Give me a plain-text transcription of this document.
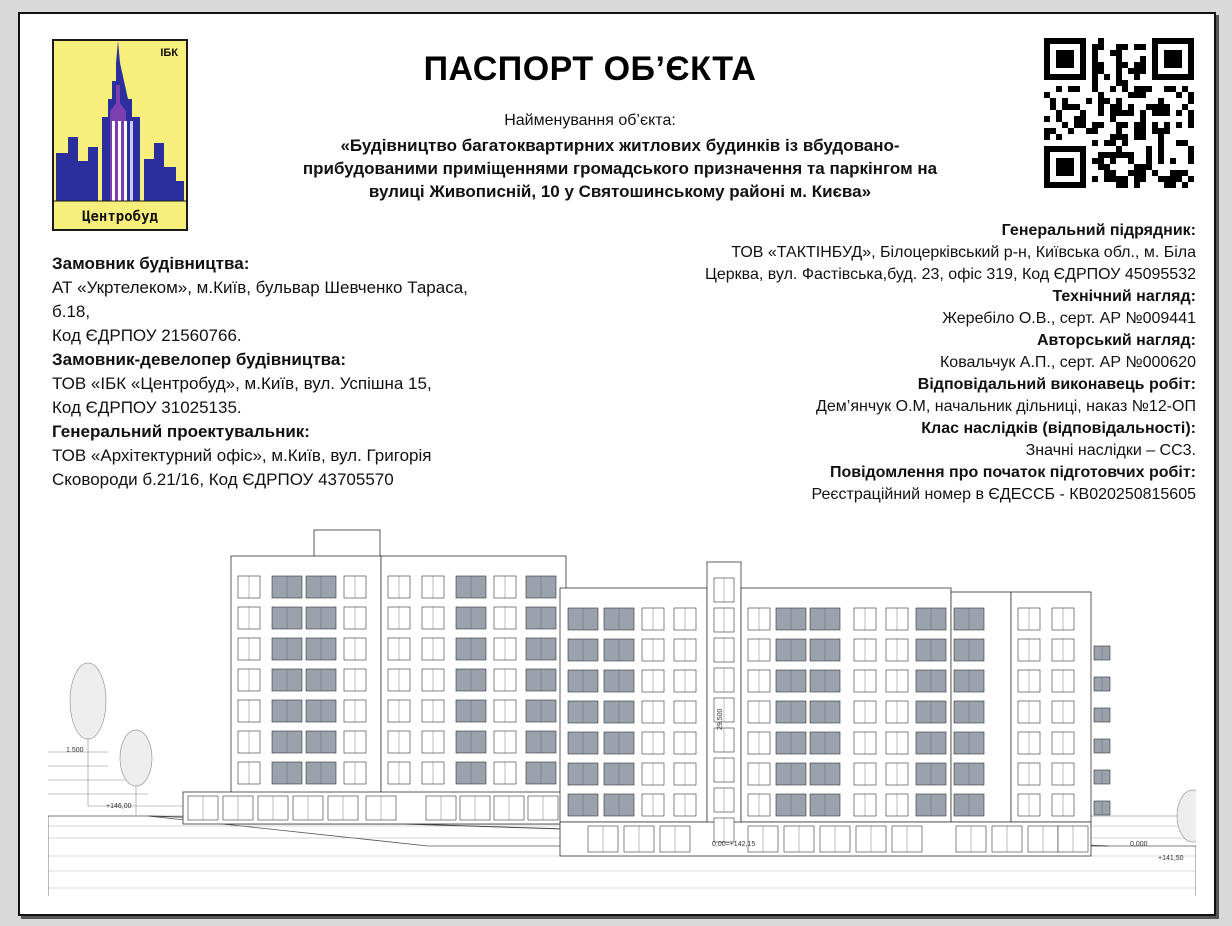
ІБК
Центробуд
ПАСПОРТ ОБ’ЄКТА
Найменування об’єкта:
«Будівництво багатоквартирних житлових будинків із вбудовано-
прибудованими приміщеннями громадського призначення та паркінгом на
вулиці Живописній, 10 у Святошинському районі м. Києва»
Замовник будівництва:
АТ «Укртелеком», м.Київ, бульвар Шевченко Тараса,
б.18,
Код ЄДРПОУ 21560766.
Замовник-девелопер будівництва:
ТОВ «ІБК «Центробуд», м.Київ, вул. Успішна 15,
Код ЄДРПОУ 31025135.
Генеральний проектувальник:
ТОВ «Архітектурний офіс», м.Київ, вул. Григорія
Сковороди б.21/16, Код ЄДРПОУ 43705570
Генеральний підрядник:
ТОВ «ТАКТІНБУД», Білоцерківський р-н, Київська обл., м. Біла
Церква, вул. Фастівська,буд. 23, офіс 319, Код ЄДРПОУ 45095532
Технічний нагляд:
Жеребіло О.В., серт. АР №009441
Авторський нагляд:
Ковальчук А.П., серт. АР №000620
Відповідальний виконавець робіт:
Дем’янчук О.М, начальник дільниці, наказ №12-ОП
Клас наслідків (відповідальності):
Значні наслідки – СС3.
Повідомлення про початок підготовчих робіт:
Реєстраційний номер в ЄДЕССБ - КВ020250815605
1.500
+146,00
29.500
0,00=+142,15	0,000
+141,50
